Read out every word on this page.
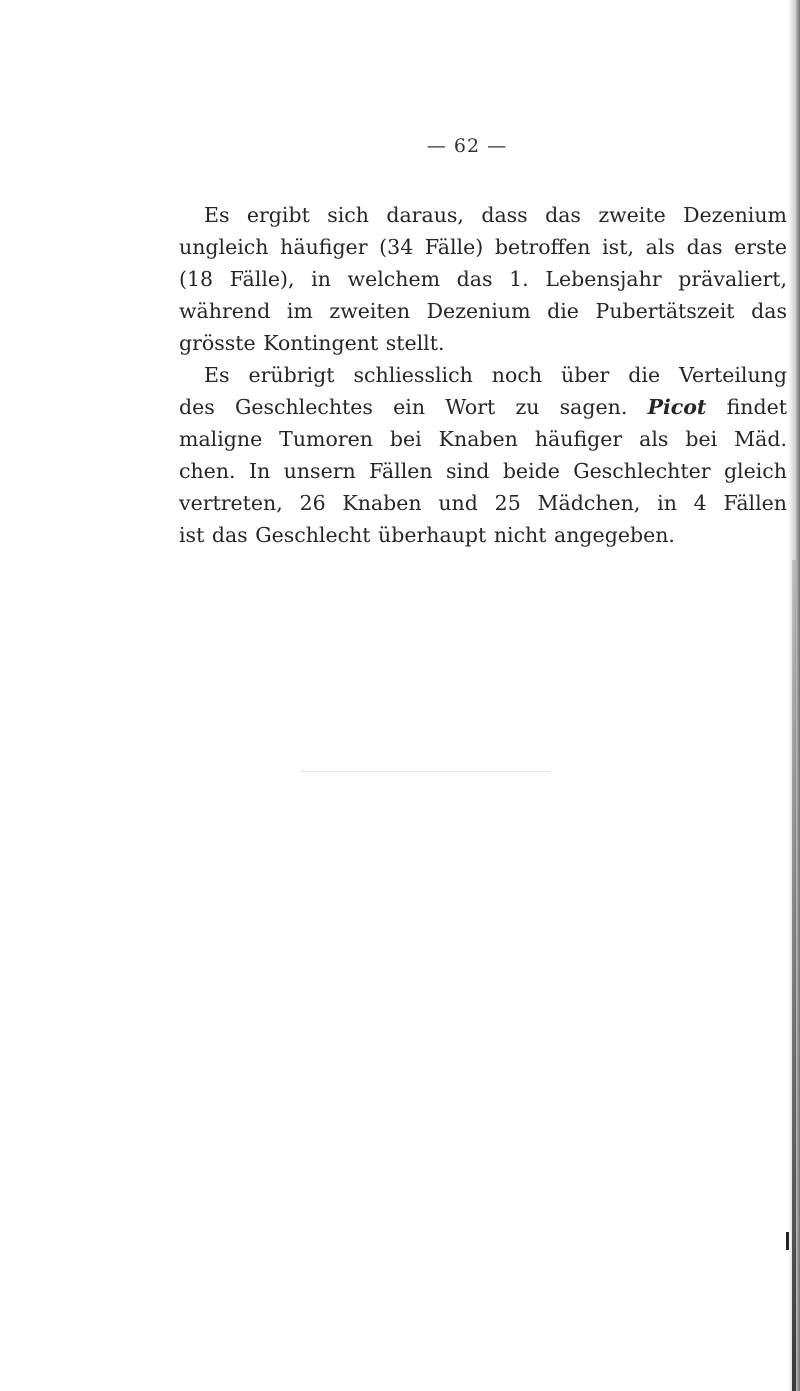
— 62 —
Es ergibt sich daraus, dass das zweite Dezenium
ungleich häufiger (34 Fälle) betroffen ist, als das erste
(18 Fälle), in welchem das 1. Lebensjahr prävaliert,
während im zweiten Dezenium die Pubertätszeit das
grösste Kontingent stellt.
Es erübrigt schliesslich noch über die Verteilung
des Geschlechtes ein Wort zu sagen. Picot findet
maligne Tumoren bei Knaben häufiger als bei Mäd.
chen. In unsern Fällen sind beide Geschlechter gleich
vertreten, 26 Knaben und 25 Mädchen, in 4 Fällen
ist das Geschlecht überhaupt nicht angegeben.
